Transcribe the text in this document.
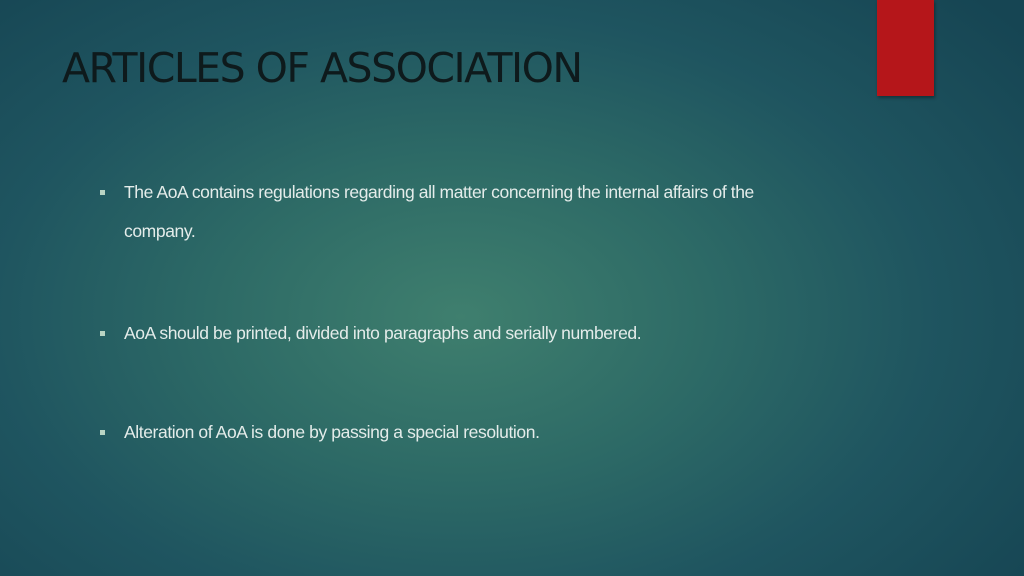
ARTICLES OF ASSOCIATION
The AoA contains regulations regarding all matter concerning the internal affairs of the company.
AoA should be printed, divided into paragraphs and serially numbered.
Alteration of AoA is done by passing a special resolution.
